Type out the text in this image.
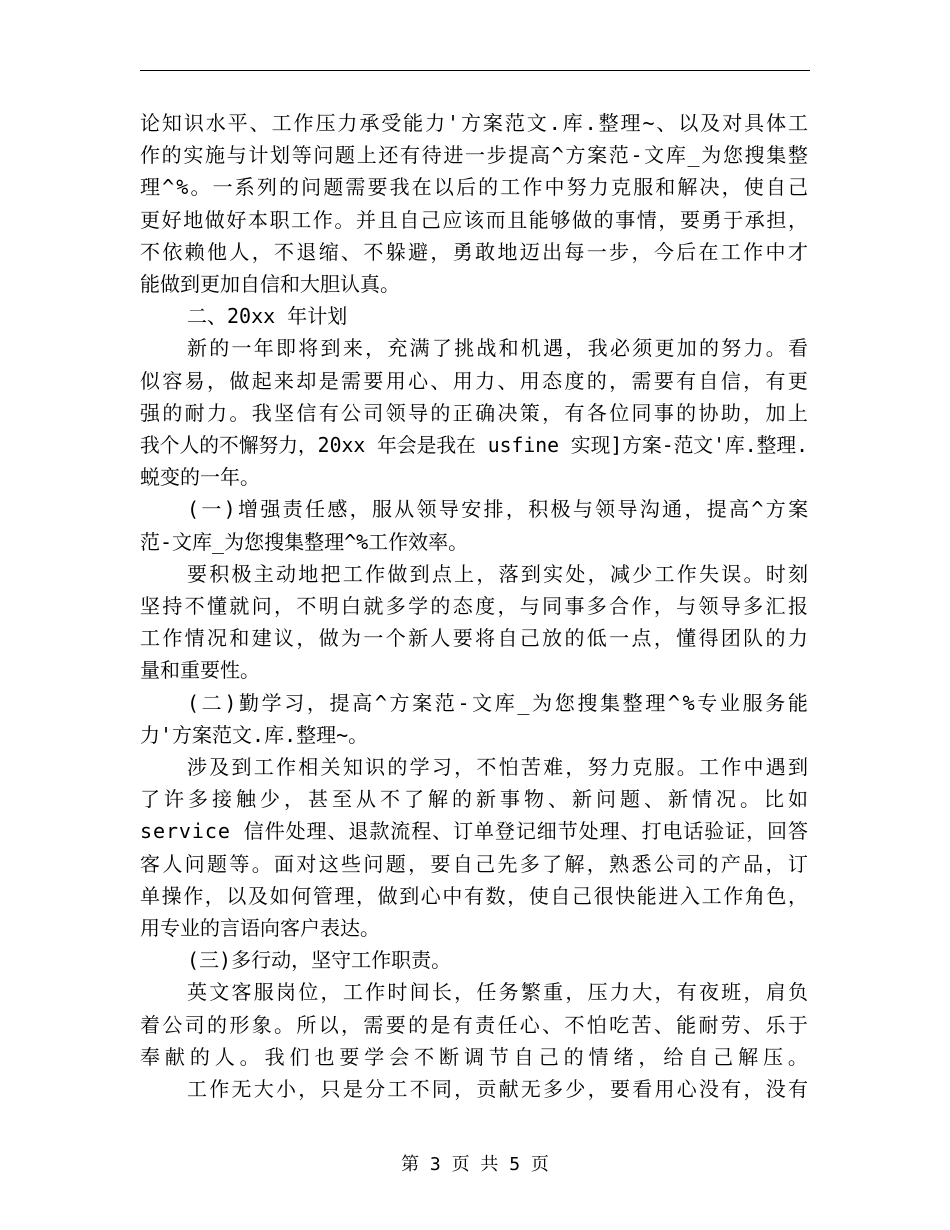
论知识水平、工作压力承受能力'方案范文.库.整理~、以及对具体工
作的实施与计划等问题上还有待进一步提高^方案范-文库_为您搜集整
理^%。一系列的问题需要我在以后的工作中努力克服和解决，使自己
更好地做好本职工作。并且自己应该而且能够做的事情，要勇于承担，
不依赖他人，不退缩、不躲避，勇敢地迈出每一步，今后在工作中才
能做到更加自信和大胆认真。
二、20xx 年计划
新的一年即将到来，充满了挑战和机遇，我必须更加的努力。看
似容易，做起来却是需要用心、用力、用态度的，需要有自信，有更
强的耐力。我坚信有公司领导的正确决策，有各位同事的协助，加上
我个人的不懈努力，20xx 年会是我在 usfine 实现]方案-范文'库.整理.
蜕变的一年。
(一)增强责任感，服从领导安排，积极与领导沟通，提高^方案
范-文库_为您搜集整理^%工作效率。
要积极主动地把工作做到点上，落到实处，减少工作失误。时刻
坚持不懂就问，不明白就多学的态度，与同事多合作，与领导多汇报
工作情况和建议，做为一个新人要将自己放的低一点，懂得团队的力
量和重要性。
(二)勤学习，提高^方案范-文库_为您搜集整理^%专业服务能
力'方案范文.库.整理~。
涉及到工作相关知识的学习，不怕苦难，努力克服。工作中遇到
了许多接触少，甚至从不了解的新事物、新问题、新情况。比如
service 信件处理、退款流程、订单登记细节处理、打电话验证，回答
客人问题等。面对这些问题，要自己先多了解，熟悉公司的产品，订
单操作，以及如何管理，做到心中有数，使自己很快能进入工作角色，
用专业的言语向客户表达。
(三)多行动，坚守工作职责。
英文客服岗位，工作时间长，任务繁重，压力大，有夜班，肩负
着公司的形象。所以，需要的是有责任心、不怕吃苦、能耐劳、乐于
奉献的人。我们也要学会不断调节自己的情绪，给自己解压。
工作无大小，只是分工不同，贡献无多少，要看用心没有，没有
第 3 页 共 5 页
